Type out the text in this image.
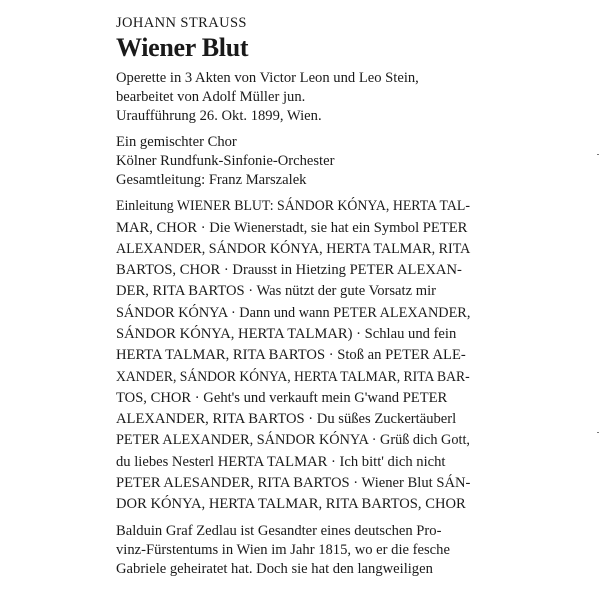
JOHANN STRAUSS

Wiener Blut
Operette in 3 Akten von Victor Leon und Leo Stein,
bearbeitet von Adolf Müller jun.
Uraufführung 26. Okt. 1899, Wien.
Ein gemischter Chor
Kölner Rundfunk-Sinfonie-Orchester
Gesamtleitung: Franz Marszalek
Einleitung WIENER BLUT: SÁNDOR KÓNYA, HERTA TAL-
MAR, CHOR · Die Wienerstadt, sie hat ein Symbol PETER
ALEXANDER, SÁNDOR KÓNYA, HERTA TALMAR, RITA
BARTOS, CHOR · Drausst in Hietzing PETER ALEXAN-
DER, RITA BARTOS · Was nützt der gute Vorsatz mir
SÁNDOR KÓNYA · Dann und wann PETER ALEXANDER,
SÁNDOR KÓNYA, HERTA TALMAR) · Schlau und fein
HERTA TALMAR, RITA BARTOS · Stoß an PETER ALE-
XANDER, SÁNDOR KÓNYA, HERTA TALMAR, RITA BAR-
TOS, CHOR · Geht's und verkauft mein G'wand PETER
ALEXANDER, RITA BARTOS · Du süßes Zuckertäuberl
PETER ALEXANDER, SÁNDOR KÓNYA · Grüß dich Gott,
du liebes Nesterl HERTA TALMAR · Ich bitt' dich nicht
PETER ALESANDER, RITA BARTOS · Wiener Blut SÁN-
DOR KÓNYA, HERTA TALMAR, RITA BARTOS, CHOR
Balduin Graf Zedlau ist Gesandter eines deutschen Pro-
vinz-Fürstentums in Wien im Jahr 1815, wo er die fesche
Gabriele geheiratet hat. Doch sie hat den langweiligen
